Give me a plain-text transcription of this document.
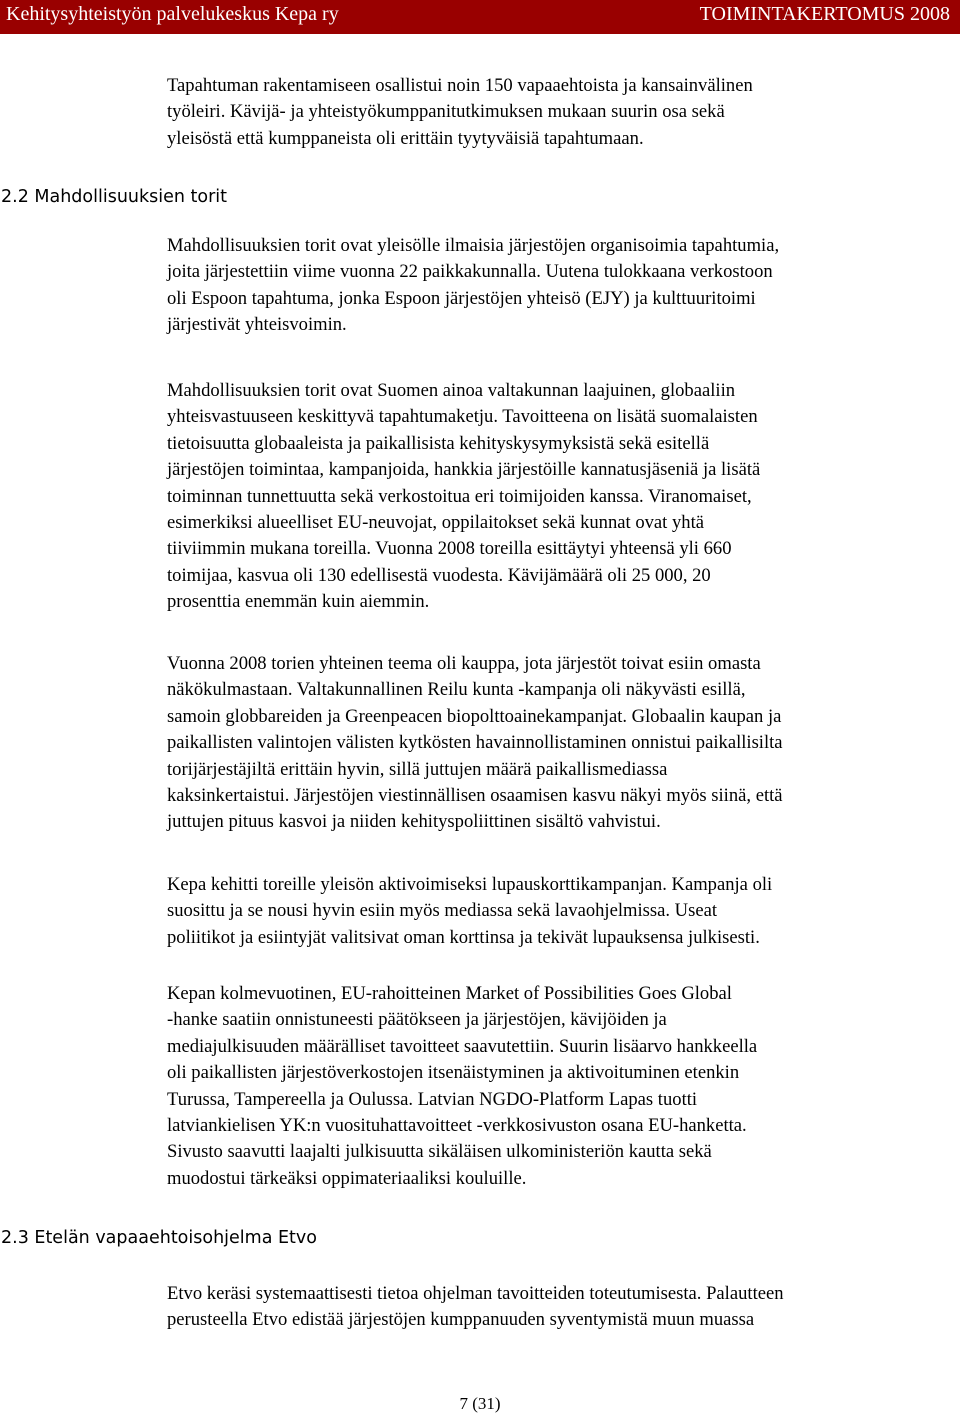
Kehitysyhteistyön palvelukeskus Kepa ry	TOIMINTAKERTOMUS 2008

Tapahtuman rakentamiseen osallistui noin 150 vapaaehtoista ja kansainvälinen
työleiri. Kävijä- ja yhteistyökumppanitutkimuksen mukaan suurin osa sekä
yleisöstä että kumppaneista oli erittäin tyytyväisiä tapahtumaan.

2.2 Mahdollisuuksien torit

Mahdollisuuksien torit ovat yleisölle ilmaisia järjestöjen organisoimia tapahtumia,
joita järjestettiin viime vuonna 22 paikkakunnalla. Uutena tulokkaana verkostoon
oli Espoon tapahtuma, jonka Espoon järjestöjen yhteisö (EJY) ja kulttuuritoimi
järjestivät yhteisvoimin.

Mahdollisuuksien torit ovat Suomen ainoa valtakunnan laajuinen, globaaliin
yhteisvastuuseen keskittyvä tapahtumaketju. Tavoitteena on lisätä suomalaisten
tietoisuutta globaaleista ja paikallisista kehityskysymyksistä sekä esitellä
järjestöjen toimintaa, kampanjoida, hankkia järjestöille kannatusjäseniä ja lisätä
toiminnan tunnettuutta sekä verkostoitua eri toimijoiden kanssa. Viranomaiset,
esimerkiksi alueelliset EU-neuvojat, oppilaitokset sekä kunnat ovat yhtä
tiiviimmin mukana toreilla. Vuonna 2008 toreilla esittäytyi yhteensä yli 660
toimijaa, kasvua oli 130 edellisestä vuodesta. Kävijämäärä oli 25 000, 20
prosenttia enemmän kuin aiemmin.

Vuonna 2008 torien yhteinen teema oli kauppa, jota järjestöt toivat esiin omasta
näkökulmastaan. Valtakunnallinen Reilu kunta -kampanja oli näkyvästi esillä,
samoin globbareiden ja Greenpeacen biopolttoainekampanjat. Globaalin kaupan ja
paikallisten valintojen välisten kytkösten havainnollistaminen onnistui paikallisilta
torijärjestäjiltä erittäin hyvin, sillä juttujen määrä paikallismediassa
kaksinkertaistui. Järjestöjen viestinnällisen osaamisen kasvu näkyi myös siinä, että
juttujen pituus kasvoi ja niiden kehityspoliittinen sisältö vahvistui.

Kepa kehitti toreille yleisön aktivoimiseksi lupauskorttikampanjan. Kampanja oli
suosittu ja se nousi hyvin esiin myös mediassa sekä lavaohjelmissa. Useat
poliitikot ja esiintyjät valitsivat oman korttinsa ja tekivät lupauksensa julkisesti.

Kepan kolmevuotinen, EU-rahoitteinen Market of Possibilities Goes Global
-hanke saatiin onnistuneesti päätökseen ja järjestöjen, kävijöiden ja
mediajulkisuuden määrälliset tavoitteet saavutettiin. Suurin lisäarvo hankkeella
oli paikallisten järjestöverkostojen itsenäistyminen ja aktivoituminen etenkin
Turussa, Tampereella ja Oulussa. Latvian NGDO-Platform Lapas tuotti
latviankielisen YK:n vuosituhattavoitteet -verkkosivuston osana EU-hanketta.
Sivusto saavutti laajalti julkisuutta sikäläisen ulkoministeriön kautta sekä
muodostui tärkeäksi oppimateriaaliksi kouluille.

2.3 Etelän vapaaehtoisohjelma Etvo

Etvo keräsi systemaattisesti tietoa ohjelman tavoitteiden toteutumisesta. Palautteen
perusteella Etvo edistää järjestöjen kumppanuuden syventymistä muun muassa

7 (31)
